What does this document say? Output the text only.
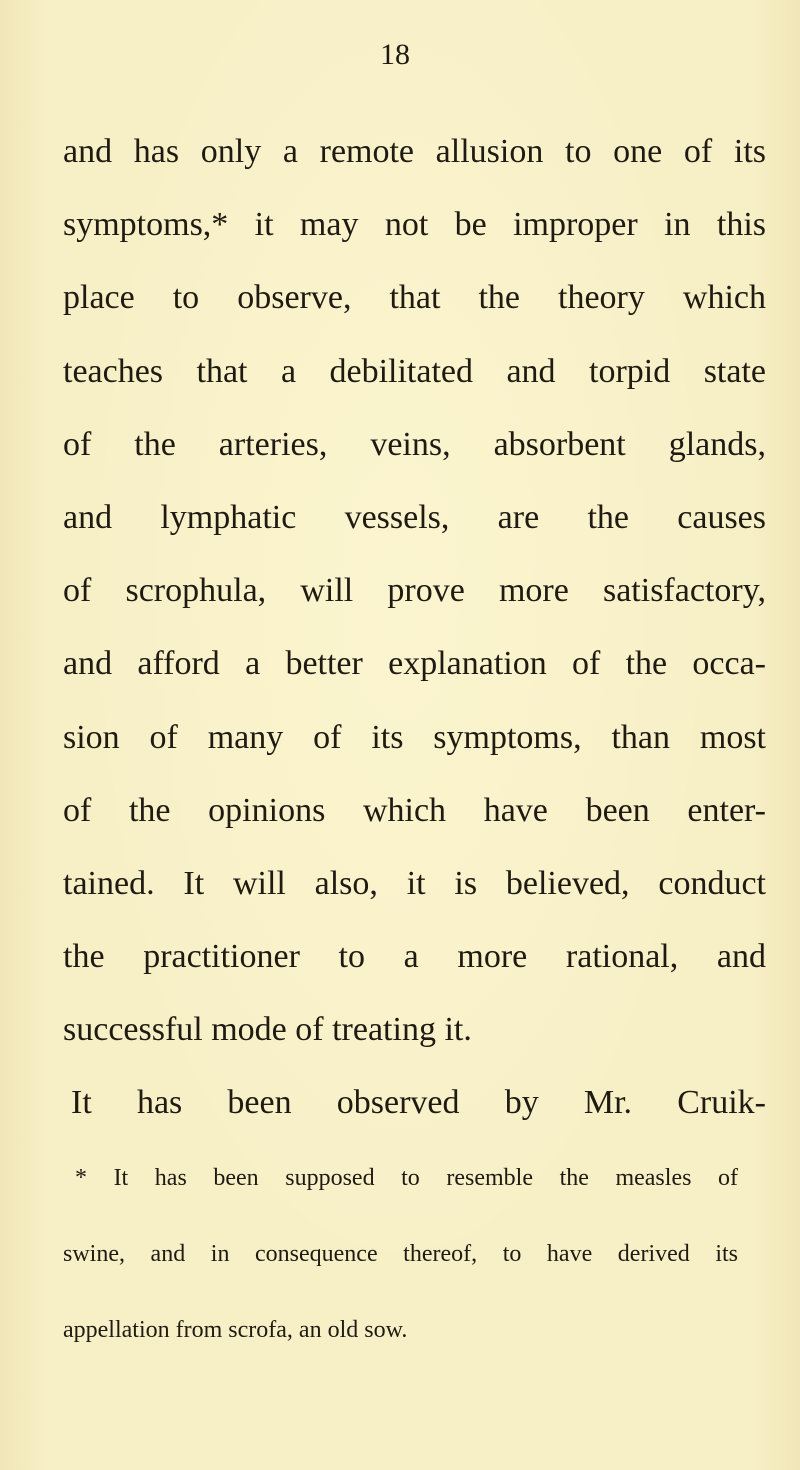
18
and has only a remote allusion to one of its
symptoms,* it may not be improper in this
place to observe, that the theory which
teaches that a debilitated and torpid state
of the arteries, veins, absorbent glands,
and lymphatic vessels, are the causes
of scrophula, will prove more satisfactory,
and afford a better explanation of the occa-
sion of many of its symptoms, than most
of the opinions which have been enter-
tained. It will also, it is believed, conduct
the practitioner to a more rational, and
successful mode of treating it.
It has been observed by Mr. Cruik-
* It has been supposed to resemble the measles of
swine, and in consequence thereof, to have derived its
appellation from scrofa, an old sow.
